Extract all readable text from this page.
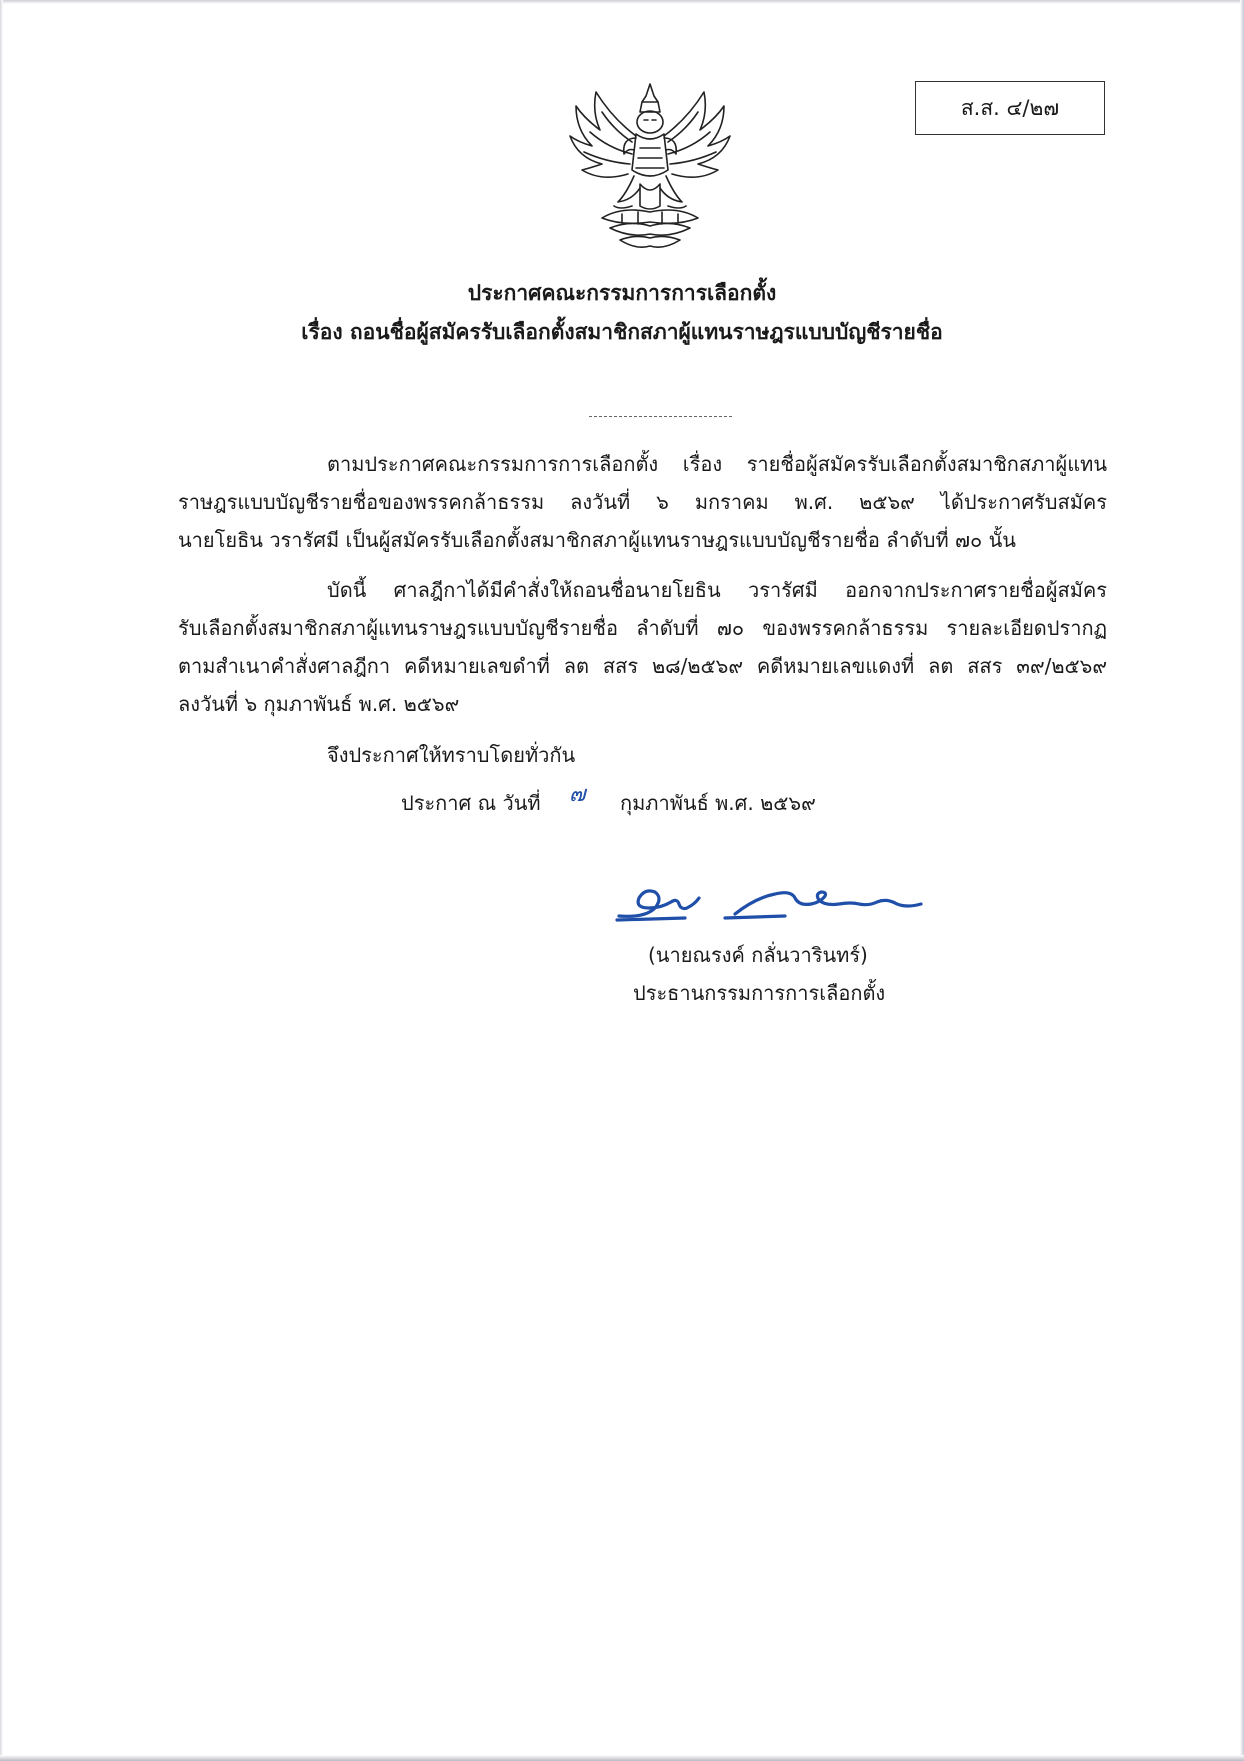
ส.ส. ๔/๒๗
ประกาศคณะกรรมการการเลือกตั้ง
เรื่อง ถอนชื่อผู้สมัครรับเลือกตั้งสมาชิกสภาผู้แทนราษฎรแบบบัญชีรายชื่อ
ตามประกาศคณะกรรมการการเลือกตั้ง เรื่อง รายชื่อผู้สมัครรับเลือกตั้งสมาชิกสภาผู้แทน
ราษฎรแบบบัญชีรายชื่อของพรรคกล้าธรรม ลงวันที่ ๖ มกราคม พ.ศ. ๒๕๖๙ ได้ประกาศรับสมัคร
นายโยธิน วรารัศมี เป็นผู้สมัครรับเลือกตั้งสมาชิกสภาผู้แทนราษฎรแบบบัญชีรายชื่อ ลำดับที่ ๗๐ นั้น
บัดนี้ ศาลฎีกาได้มีคำสั่งให้ถอนชื่อนายโยธิน วรารัศมี ออกจากประกาศรายชื่อผู้สมัคร
รับเลือกตั้งสมาชิกสภาผู้แทนราษฎรแบบบัญชีรายชื่อ ลำดับที่ ๗๐ ของพรรคกล้าธรรม รายละเอียดปรากฏ
ตามสำเนาคำสั่งศาลฎีกา คดีหมายเลขดำที่ ลต สสร ๒๘/๒๕๖๙ คดีหมายเลขแดงที่ ลต สสร ๓๙/๒๕๖๙
ลงวันที่ ๖ กุมภาพันธ์ พ.ศ. ๒๕๖๙
จึงประกาศให้ทราบโดยทั่วกัน
ประกาศ ณ วันที่ ๗ กุมภาพันธ์ พ.ศ. ๒๕๖๙
(นายณรงค์ กลั่นวารินทร์)
ประธานกรรมการการเลือกตั้ง
